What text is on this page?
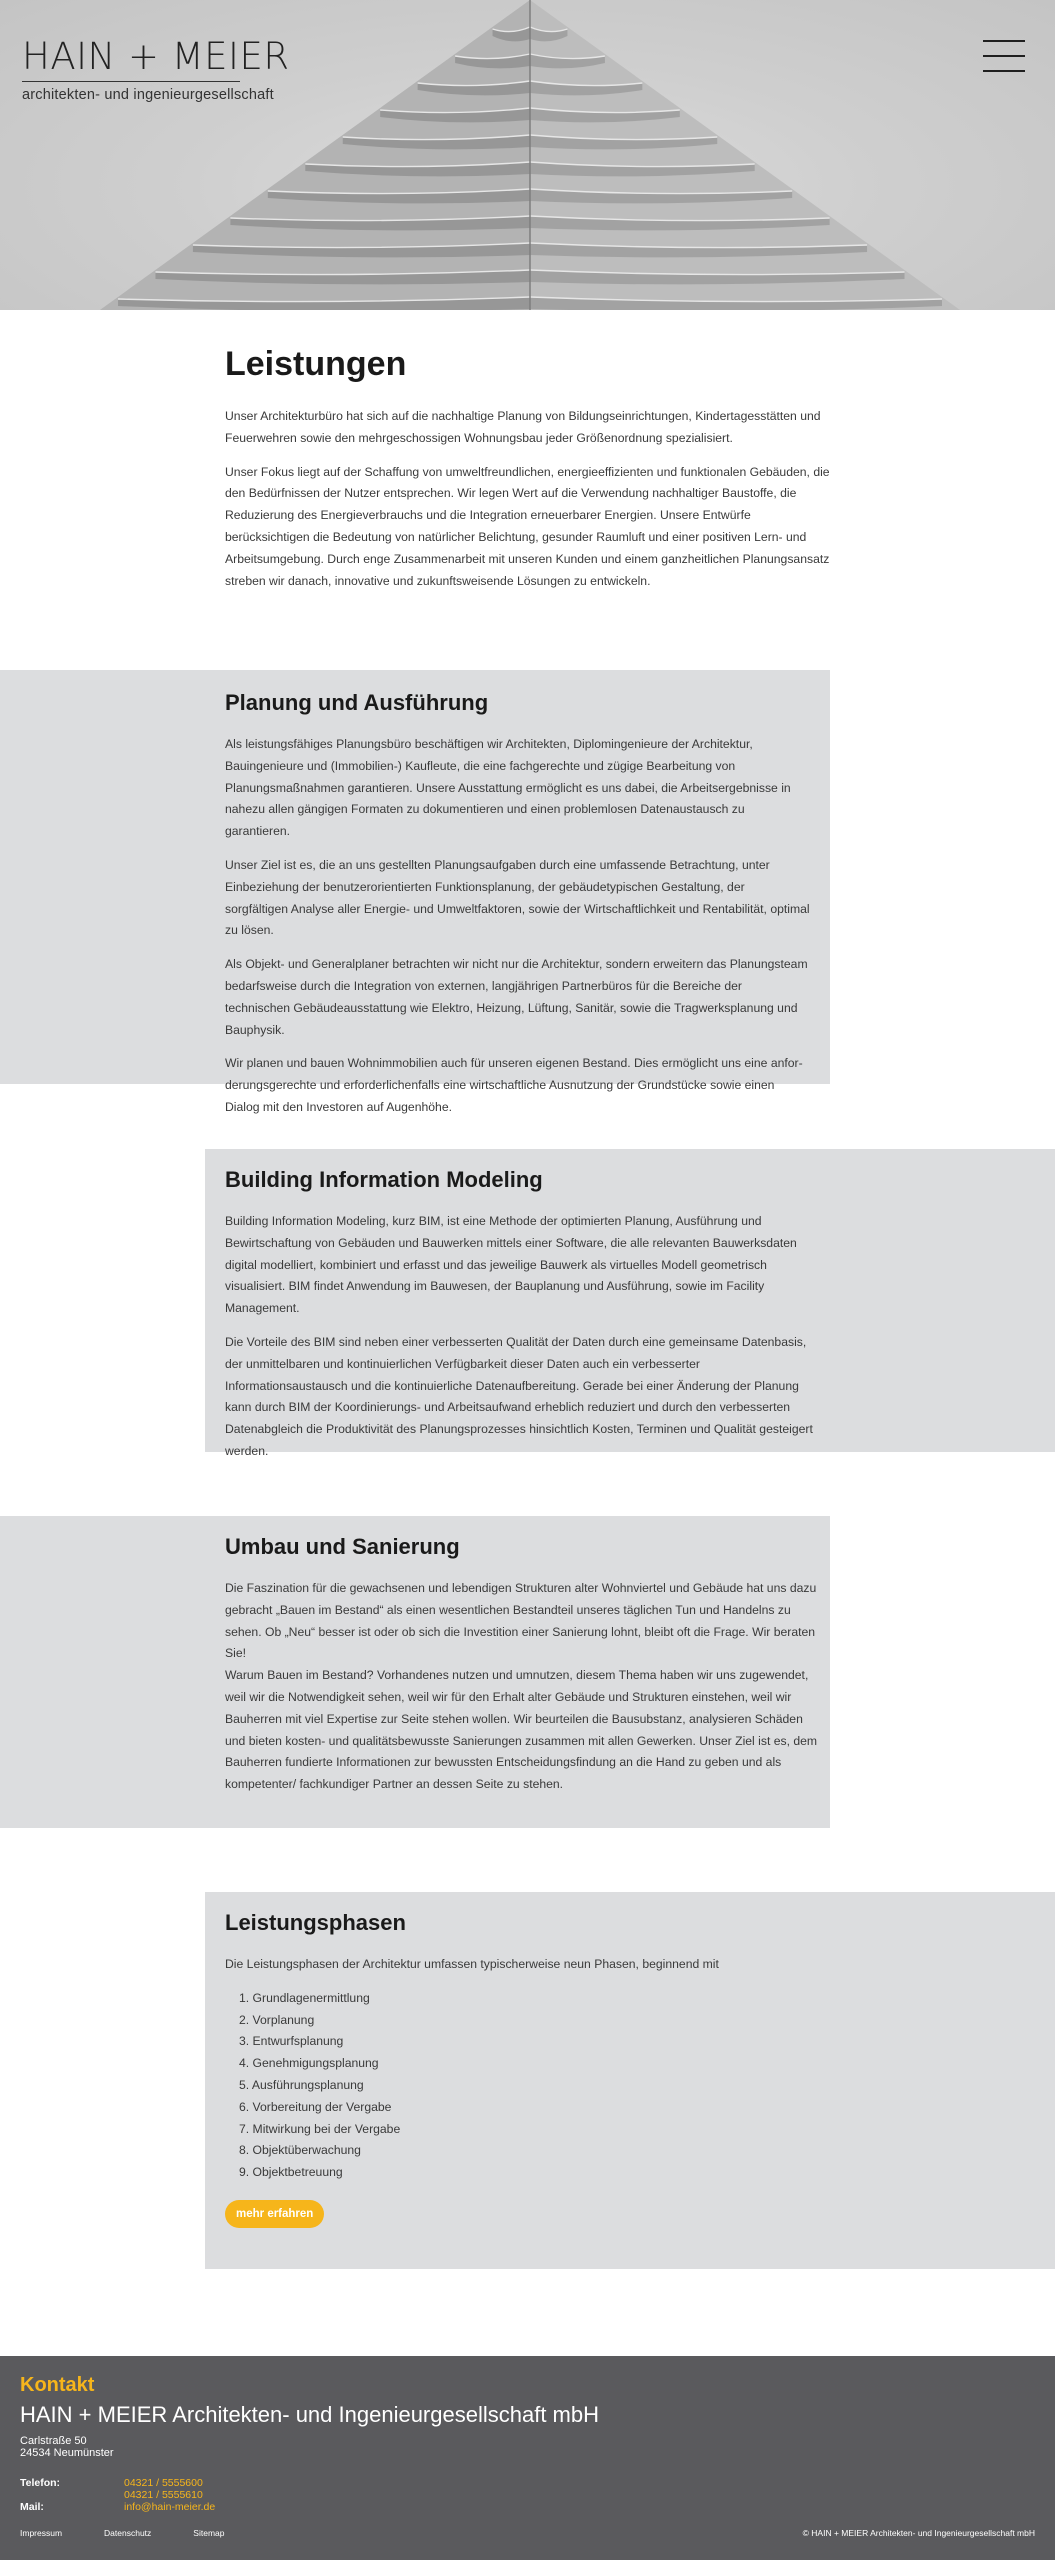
HAIN + MEIER
architekten- und ingenieurgesellschaft
Leistungen

Unser Architekturbüro hat sich auf die nachhaltige Planung von Bildungseinrichtungen, Kindertagesstätten und Feuerwehren sowie den mehrgeschossigen Wohnungsbau jeder Größenordnung spezialisiert.

Unser Fokus liegt auf der Schaffung von umweltfreundlichen, energieeffizienten und funktionalen Gebäuden, die den Bedürfnissen der Nutzer entsprechen. Wir legen Wert auf die Verwendung nachhaltiger Baustoffe, die Reduzierung des Energieverbrauchs und die Integration erneuerbarer Energien. Unsere Entwürfe berücksichtigen die Bedeutung von natürlicher Belichtung, gesunder Raumluft und einer positiven Lern- und Arbeitsumgebung. Durch enge Zusammenarbeit mit unseren Kunden und einem ganzheitlichen Planungsansatz streben wir danach, innovative und zukunftsweisende Lösungen zu entwickeln.

Planung und Ausführung

Als leistungsfähiges Planungsbüro beschäftigen wir Architekten, Diplomingenieure der Architektur, Bauingenieure und (Immobilien-) Kaufleute, die eine fachgerechte und zügige Bearbeitung von Planungsmaßnahmen garantieren. Unsere Ausstattung ermöglicht es uns dabei, die Arbeitsergebnisse in nahezu allen gängigen Formaten zu dokumentieren und einen problemlosen Datenaustausch zu garantieren.

Unser Ziel ist es, die an uns gestellten Planungsaufgaben durch eine umfassende Betrachtung, unter Einbeziehung der benutzerorientierten Funktionsplanung, der gebäudetypischen Gestaltung, der sorgfältigen Analyse aller Energie- und Umweltfaktoren, sowie der Wirtschaftlichkeit und Rentabilität, optimal zu lösen.

Als Objekt- und Generalplaner betrachten wir nicht nur die Architektur, sondern erweitern das Planungsteam bedarfsweise durch die Integration von externen, langjährigen Partnerbüros für die Bereiche der technischen Gebäudeausstattung wie Elektro, Heizung, Lüftung, Sanitär, sowie die Tragwerksplanung und Bauphysik.

Wir planen und bauen Wohnimmobilien auch für unseren eigenen Bestand. Dies ermöglicht uns eine anforderungsgerechte und erforderlichenfalls eine wirtschaftliche Ausnutzung der Grundstücke sowie einen Dialog mit den Investoren auf Augenhöhe.

Building Information Modeling

Building Information Modeling, kurz BIM, ist eine Methode der optimierten Planung, Ausführung und Bewirtschaftung von Gebäuden und Bauwerken mittels einer Software, die alle relevanten Bauwerksdaten digital modelliert, kombiniert und erfasst und das jeweilige Bauwerk als virtuelles Modell geometrisch visualisiert. BIM findet Anwendung im Bauwesen, der Bauplanung und Ausführung, sowie im Facility Management.

Die Vorteile des BIM sind neben einer verbesserten Qualität der Daten durch eine gemeinsame Datenbasis, der unmittelbaren und kontinuierlichen Verfügbarkeit dieser Daten auch ein verbesserter Informationsaustausch und die kontinuierliche Datenaufbereitung. Gerade bei einer Änderung der Planung kann durch BIM der Koordinierungs- und Arbeitsaufwand erheblich reduziert und durch den verbesserten Datenabgleich die Produktivität des Planungsprozesses hinsichtlich Kosten, Terminen und Qualität gesteigert werden.

Umbau und Sanierung

Die Faszination für die gewachsenen und lebendigen Strukturen alter Wohnviertel und Gebäude hat uns dazu gebracht „Bauen im Bestand“ als einen wesentlichen Bestandteil unseres täglichen Tun und Handelns zu sehen. Ob „Neu“ besser ist oder ob sich die Investition einer Sanierung lohnt, bleibt oft die Frage. Wir beraten Sie!

Warum Bauen im Bestand? Vorhandenes nutzen und umnutzen, diesem Thema haben wir uns zugewendet, weil wir die Notwendigkeit sehen, weil wir für den Erhalt alter Gebäude und Strukturen einstehen, weil wir Bauherren mit viel Expertise zur Seite stehen wollen. Wir beurteilen die Bausubstanz, analysieren Schäden und bieten kosten- und qualitätsbewusste Sanierungen zusammen mit allen Gewerken. Unser Ziel ist es, dem Bauherren fundierte Informationen zur bewussten Entscheidungsfindung an die Hand zu geben und als kompetenter/ fachkundiger Partner an dessen Seite zu stehen.

Leistungsphasen

Die Leistungsphasen der Architektur umfassen typischerweise neun Phasen, beginnend mit

1. Grundlagenermittlung
2. Vorplanung
3. Entwurfsplanung
4. Genehmigungsplanung
5. Ausführungsplanung
6. Vorbereitung der Vergabe
7. Mitwirkung bei der Vergabe
8. Objektüberwachung
9. Objektbetreuung
mehr erfahren
Kontakt
HAIN + MEIER Architekten- und Ingenieurgesellschaft mbH
Carlstraße 50
24534 Neumünster
Telefon:	04321 / 5555600
04321 / 5555610
Mail:	info@hain-meier.de
Impressum	Datenschutz	Sitemap	© HAIN + MEIER Architekten- und Ingenieurgesellschaft mbH
